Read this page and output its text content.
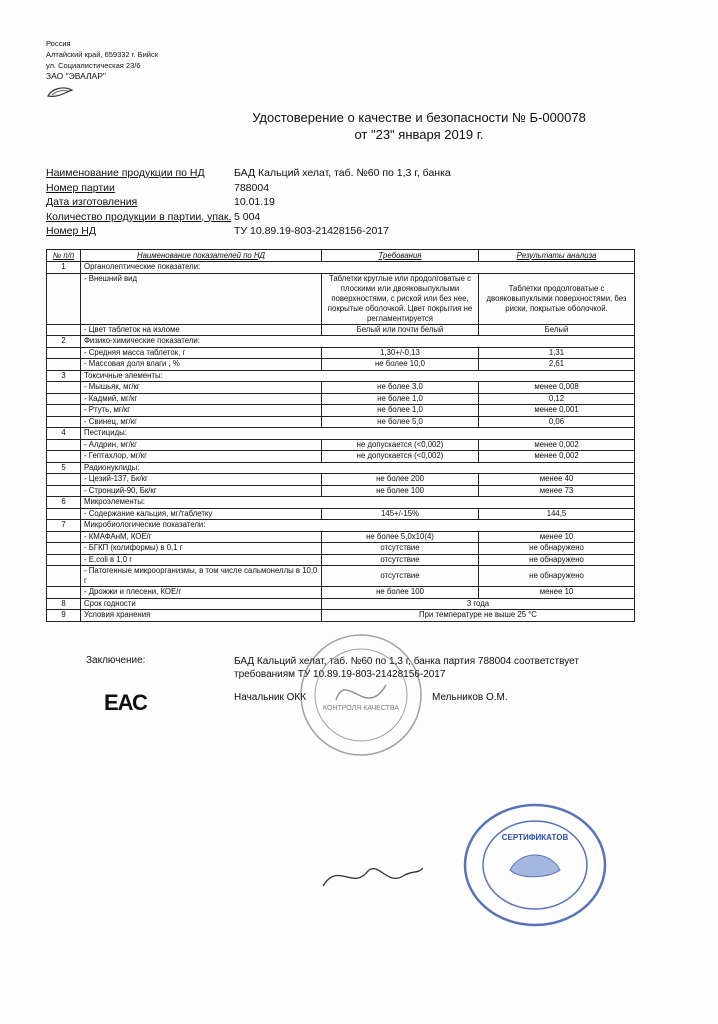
Россия
Алтайский край, 659332 г. Бийск
ул. Социалистическая 23/6
ЗАО "ЭВАЛАР"
Удостоверение о качестве и безопасности № Б-000078
от "23" января 2019 г.
Наименование продукции по НД	БАД Кальций хелат, таб. №60 по 1,3 г, банка
Номер партии	788004
Дата изготовления	10.01.19
Количество продукции в партии, упак. 5 004
Номер НД	ТУ 10.89.19-803-21428156-2017
№ п/п	Наименование показателей по НД	Требования	Результаты анализа
1	Органолептические показатели:		
	- Внешний вид	Таблетки круглые или продолговатые с плоскими или двояковыпуклыми поверхностями, с риской или без нее, покрытые оболочкой. Цвет покрытия не регламентируется	Таблетки продолговатые с двояковыпуклыми поверхностями, без риски, покрытые оболочкой.
	- Цвет таблеток на изломе	Белый или почти белый	Белый
2	Физико-химические показатели:		
	- Средняя масса таблеток, г	1,30+/-0,13	1,31
	- Массовая доля влаги , %	не более 10,0	2,61
3	Токсичные элементы:		
	- Мышьяк, мг/кг	не более 3,0	менее 0,008
	- Кадмий, мг/кг	не более 1,0	0,12
	- Ртуть, мг/кг	не более 1,0	менее 0,001
	- Свинец, мг/кг	не более 5,0	0,06
4	Пестициды:		
	- Алдрин, мг/кг	не допускается (<0,002)	менее 0,002
	- Гептахлор, мг/кг	не допускается (<0,002)	менее 0,002
5	Радионуклиды:		
	- Цезий-137, Бк/кг	не более 200	менее 40
	- Стронций-90, Бк/кг	не более 100	менее 73
6	Микроэлементы:		
	- Содержание кальция, мг/таблетку	145+/-15%	144,5
7	Микробиологические показатели:		
	- КМАФАнМ, КОЕ/г	не более 5,0х10(4)	менее 10
	- БГКП (колиформы) в 0,1 г	отсутствие	не обнаружено
	- E.coli в 1,0 г	отсутствие	не обнаружено
	- Патогенные микроорганизмы, в том числе сальмонеллы в 10,0 г	отсутствие	не обнаружено
	- Дрожжи и плесени, КОЕ/г	не более 100	менее 10
8	Срок годности	3 года	
9	Условия хранения	При температуре не выше 25 °С	
Заключение:	БАД Кальций хелат, таб. №60 по 1,3 г, банка партия 788004 соответствует требованиям ТУ 10.89.19-803-21428156-2017
Начальник ОКК	Мельников О.М.
ЕАС	КОНТРОЛЯ КАЧЕСТВА
СЕРТИФИКАТОВ
